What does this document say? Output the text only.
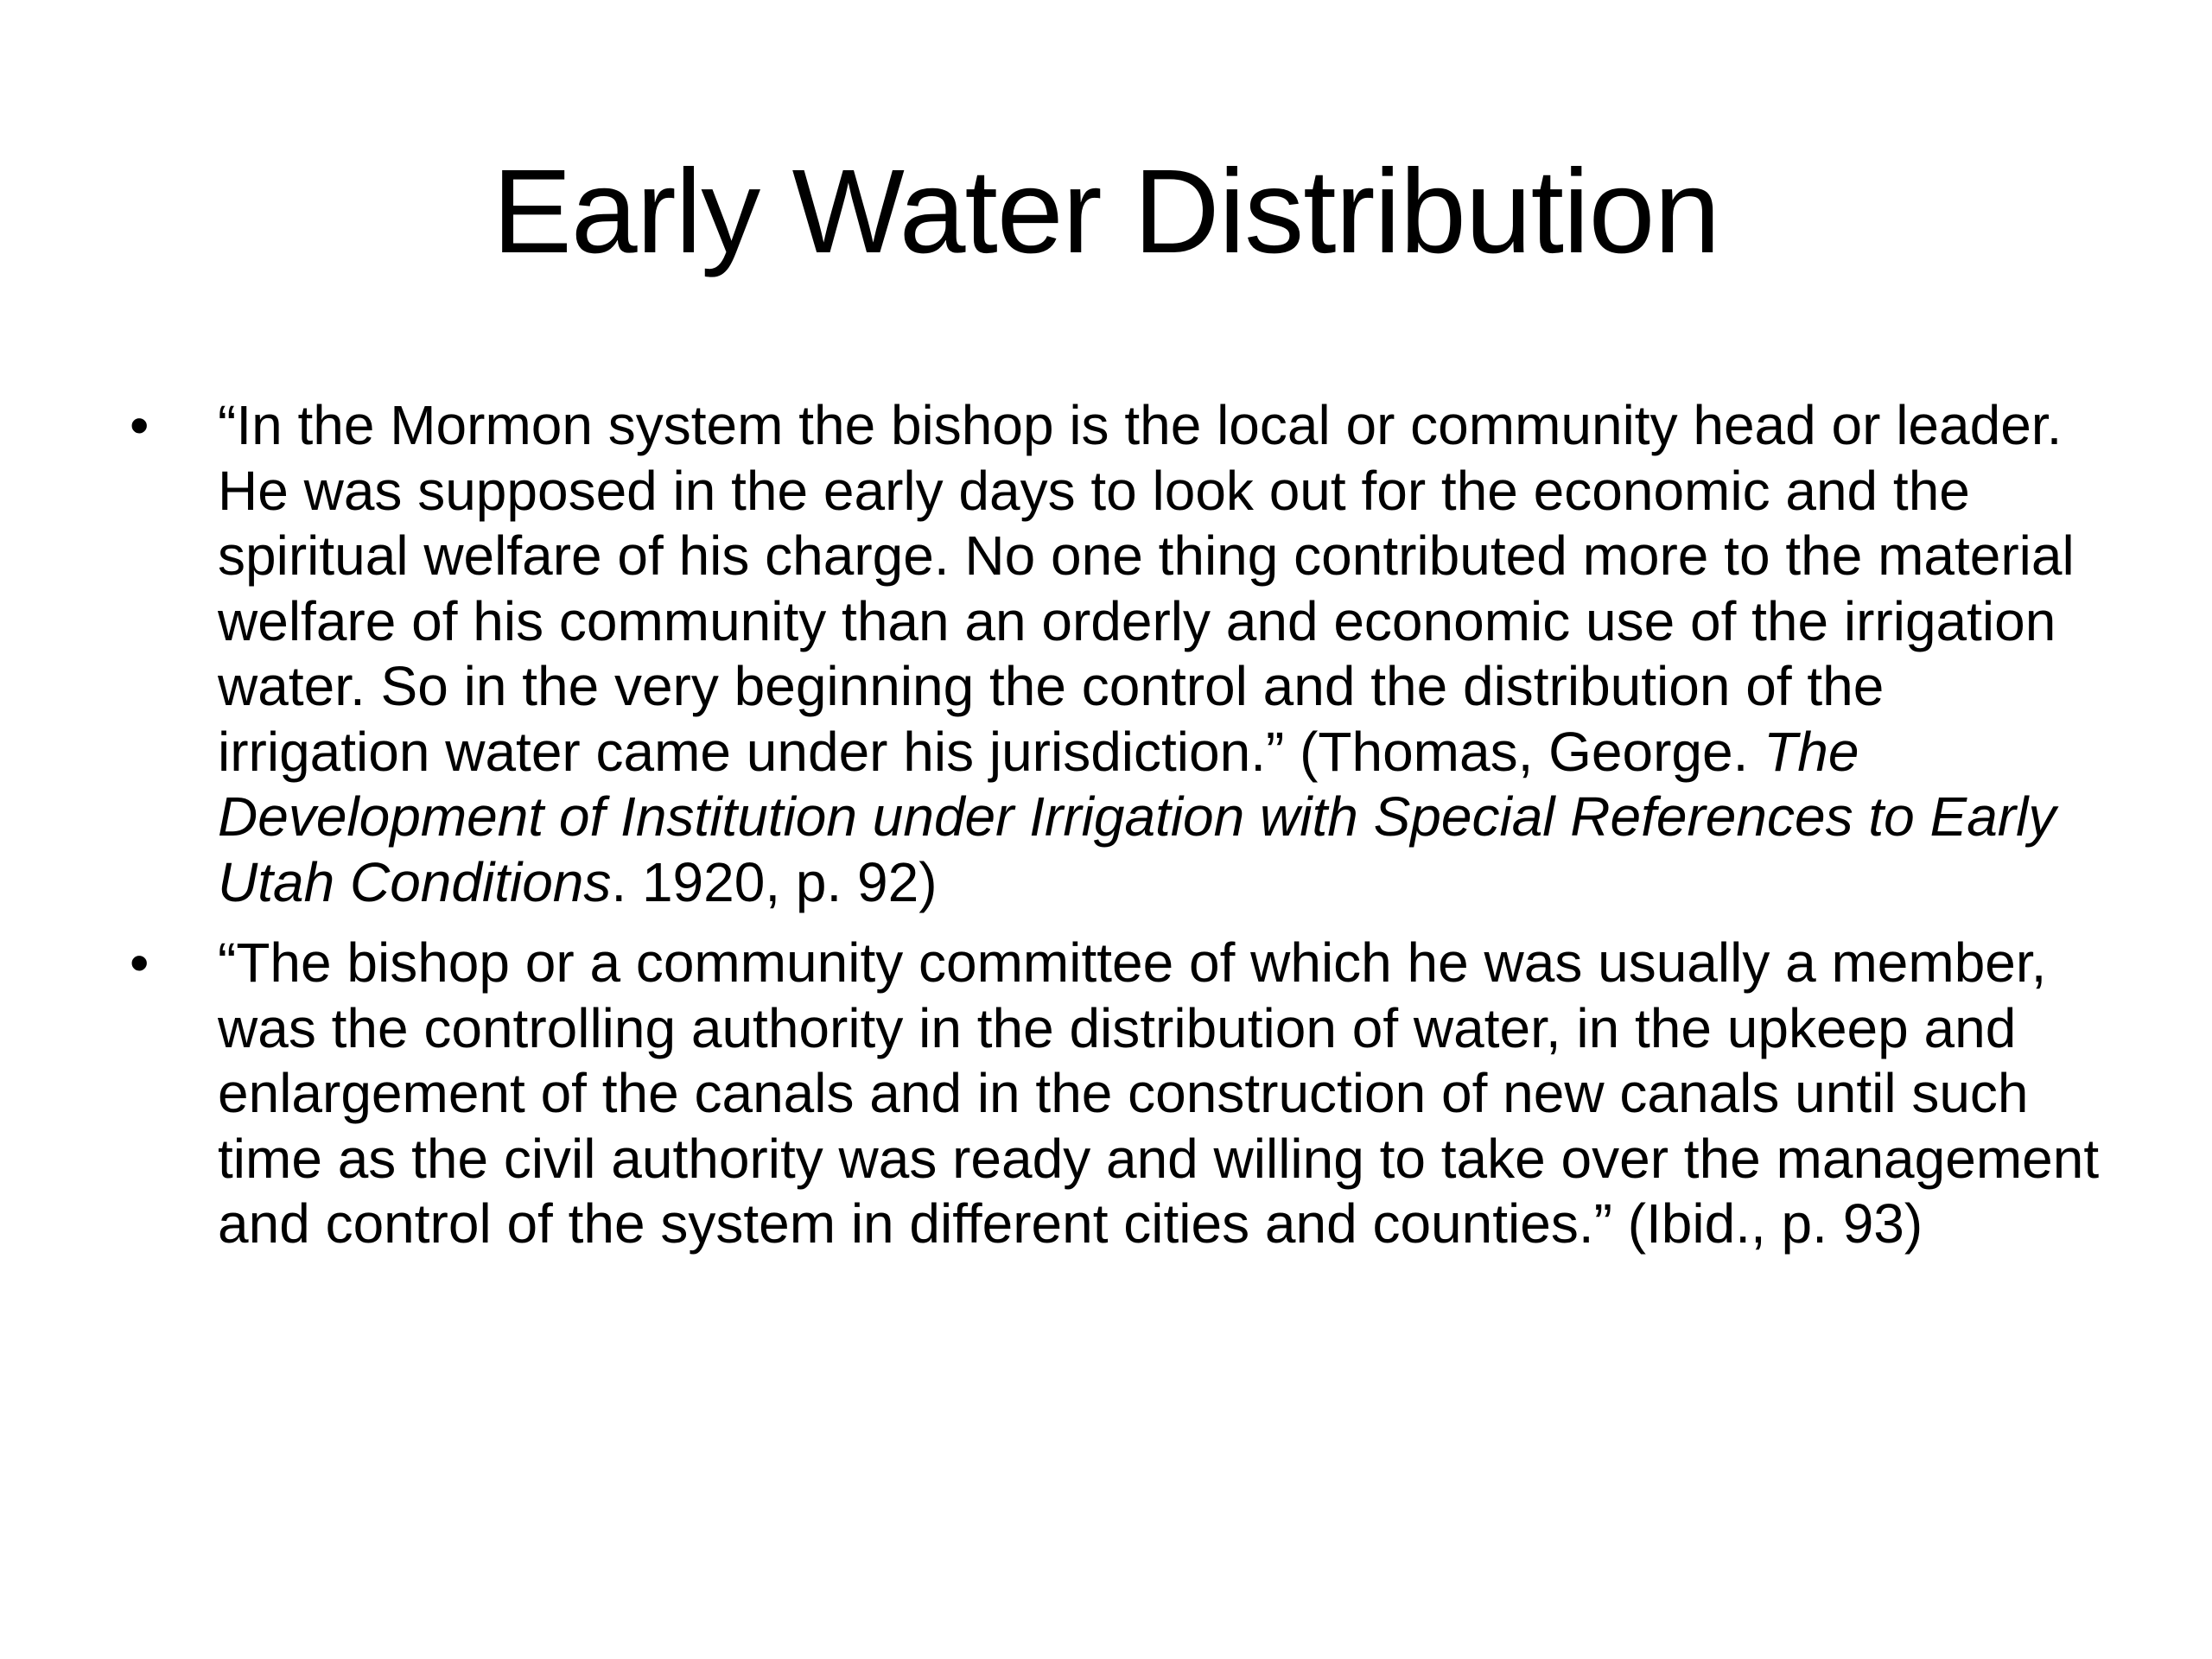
Early Water Distribution
• “In the Mormon system the bishop is the local or community head or leader. He was supposed in the early days to look out for the economic and the spiritual welfare of his charge. No one thing contributed more to the material welfare of his community than an orderly and economic use of the irrigation water. So in the very beginning the control and the distribution of the irrigation water came under his jurisdiction.” (Thomas, George. The Development of Institution under Irrigation with Special References to Early Utah Conditions. 1920, p. 92)
• “The bishop or a community committee of which he was usually a member, was the controlling authority in the distribution of water, in the upkeep and enlargement of the canals and in the construction of new canals until such time as the civil authority was ready and willing to take over the management and control of the system in different cities and counties.” (Ibid., p. 93)
